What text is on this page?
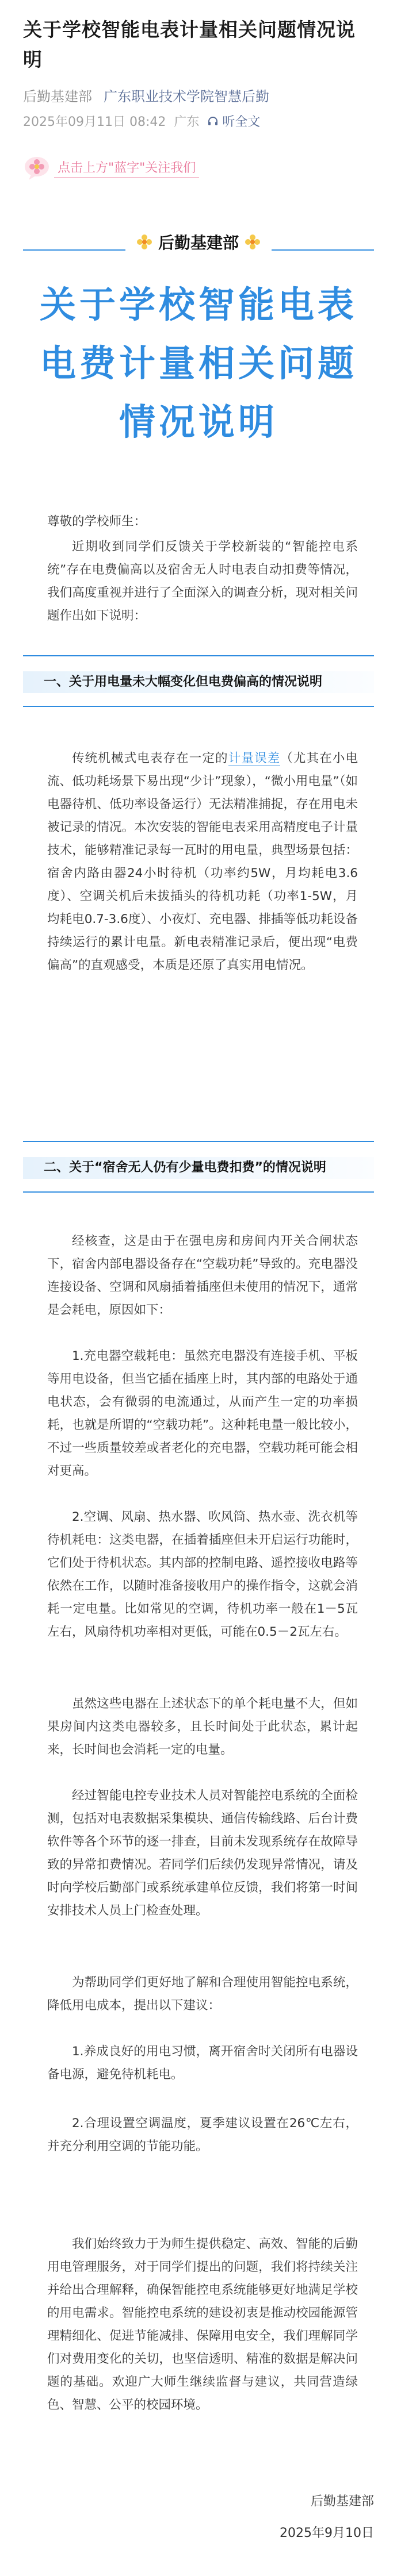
关于学校智能电表计量相关问题情况说明
后勤基建部 广东职业技术学院智慧后勤
2025年09月11日 08:42 广东 听全文
点击上方"蓝字"关注我们
后勤基建部
关于学校智能电表
电费计量相关问题
情况说明
尊敬的学校师生：
近期收到同学们反馈关于学校新装的“智能控电系统”存在电费偏高以及宿舍无人时电表自动扣费等情况，我们高度重视并进行了全面深入的调查分析，现对相关问题作出如下说明：
一、关于用电量未大幅变化但电费偏高的情况说明
传统机械式电表存在一定的计量误差（尤其在小电流、低功耗场景下易出现“少计”现象），“微小用电量”（如电器待机、低功率设备运行）无法精准捕捉，存在用电未被记录的情况。本次安装的智能电表采用高精度电子计量技术，能够精准记录每一瓦时的用电量，典型场景包括：宿舍内路由器24小时待机（功率约5W，月均耗电3.6度）、空调关机后未拔插头的待机功耗（功率1-5W，月均耗电0.7-3.6度）、小夜灯、充电器、排插等低功耗设备持续运行的累计电量。新电表精准记录后，便出现“电费偏高”的直观感受，本质是还原了真实用电情况。
二、关于“宿舍无人仍有少量电费扣费”的情况说明
经核查，这是由于在强电房和房间内开关合闸状态下，宿舍内部电器设备存在“空载功耗”导致的。充电器没连接设备、空调和风扇插着插座但未使用的情况下，通常是会耗电，原因如下：
1.充电器空载耗电：虽然充电器没有连接手机、平板等用电设备，但当它插在插座上时，其内部的电路处于通电状态，会有微弱的电流通过，从而产生一定的功率损耗，也就是所谓的“空载功耗”。这种耗电量一般比较小，不过一些质量较差或者老化的充电器，空载功耗可能会相对更高。
2.空调、风扇、热水器、吹风筒、热水壶、洗衣机等待机耗电：这类电器，在插着插座但未开启运行功能时，它们处于待机状态。其内部的控制电路、遥控接收电路等依然在工作，以随时准备接收用户的操作指令，这就会消耗一定电量。比如常见的空调，待机功率一般在1－5瓦左右，风扇待机功率相对更低，可能在0.5－2瓦左右。
虽然这些电器在上述状态下的单个耗电量不大，但如果房间内这类电器较多，且长时间处于此状态，累计起来，长时间也会消耗一定的电量。
经过智能电控专业技术人员对智能控电系统的全面检测，包括对电表数据采集模块、通信传输线路、后台计费软件等各个环节的逐一排查，目前未发现系统存在故障导致的异常扣费情况。若同学们后续仍发现异常情况，请及时向学校后勤部门或系统承建单位反馈，我们将第一时间安排技术人员上门检查处理。
为帮助同学们更好地了解和合理使用智能控电系统，降低用电成本，提出以下建议：
1.养成良好的用电习惯，离开宿舍时关闭所有电器设备电源，避免待机耗电。
2.合理设置空调温度，夏季建议设置在26℃左右，并充分利用空调的节能功能。
我们始终致力于为师生提供稳定、高效、智能的后勤用电管理服务，对于同学们提出的问题，我们将持续关注并给出合理解释，确保智能控电系统能够更好地满足学校的用电需求。智能控电系统的建设初衷是推动校园能源管理精细化、促进节能减排、保障用电安全，我们理解同学们对费用变化的关切，也坚信透明、精准的数据是解决问题的基础。欢迎广大师生继续监督与建议，共同营造绿色、智慧、公平的校园环境。
后勤基建部
2025年9月10日
